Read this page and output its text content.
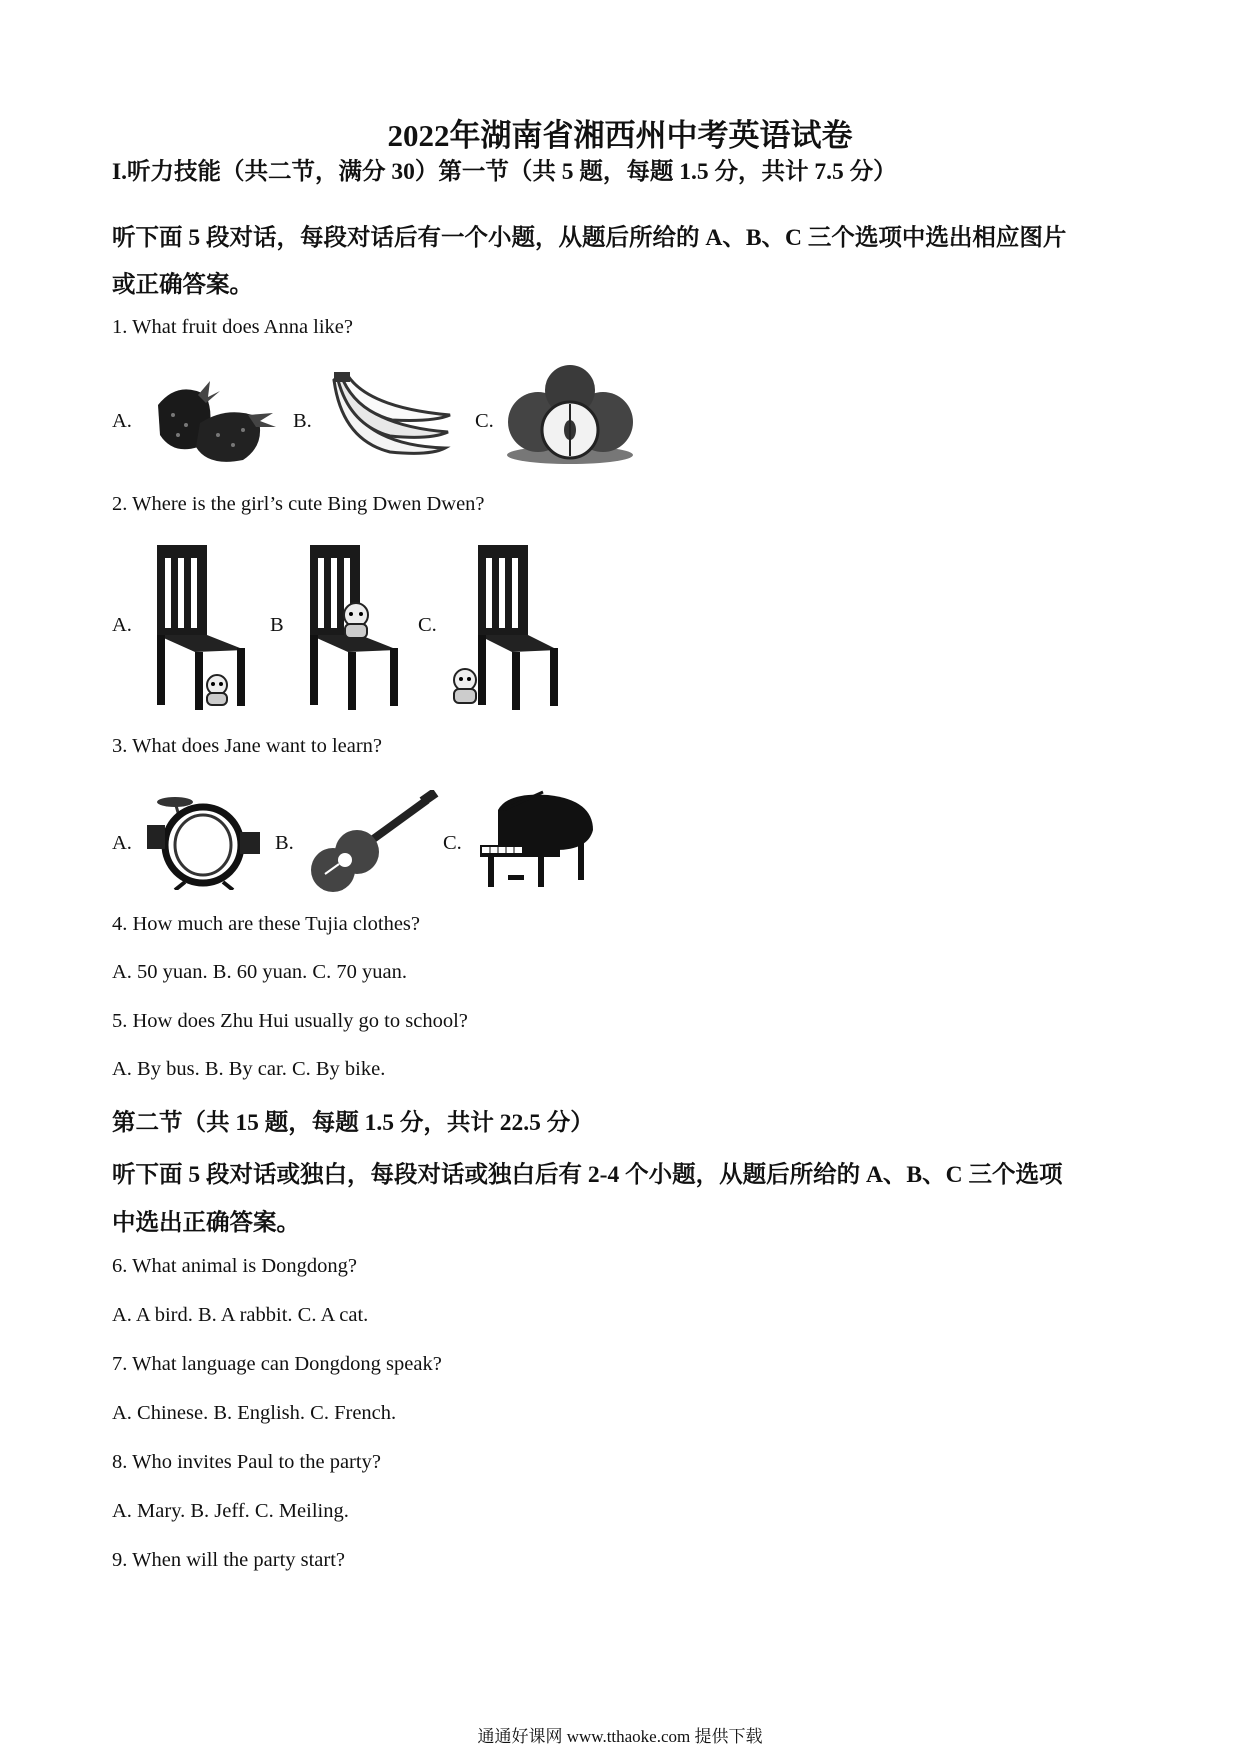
2022年湖南省湘西州中考英语试卷
I.听力技能（共二节，满分 30）第一节（共 5 题，每题 1.5 分，共计 7.5 分）
听下面 5 段对话，每段对话后有一个小题，从题后所给的 A、B、C 三个选项中选出相应图片
或正确答案。
1. What fruit does Anna like?
A.	B.	C.
2. Where is the girl’s cute Bing Dwen Dwen?
A.	B	C.
3. What does Jane want to learn?
A.	B.	C.
4. How much are these Tujia clothes?
A. 50 yuan. B. 60 yuan. C. 70 yuan.
5. How does Zhu Hui usually go to school?
A. By bus. B. By car. C. By bike.
第二节（共 15 题，每题 1.5 分，共计 22.5 分）
听下面 5 段对话或独白，每段对话或独白后有 2-4 个小题，从题后所给的 A、B、C 三个选项
中选出正确答案。
6. What animal is Dongdong?
A. A bird. B. A rabbit. C. A cat.
7. What language can Dongdong speak?
A. Chinese. B. English. C. French.
8. Who invites Paul to the party?
A. Mary. B. Jeff. C. Meiling.
9. When will the party start?
通通好课网 www.tthaoke.com 提供下载
